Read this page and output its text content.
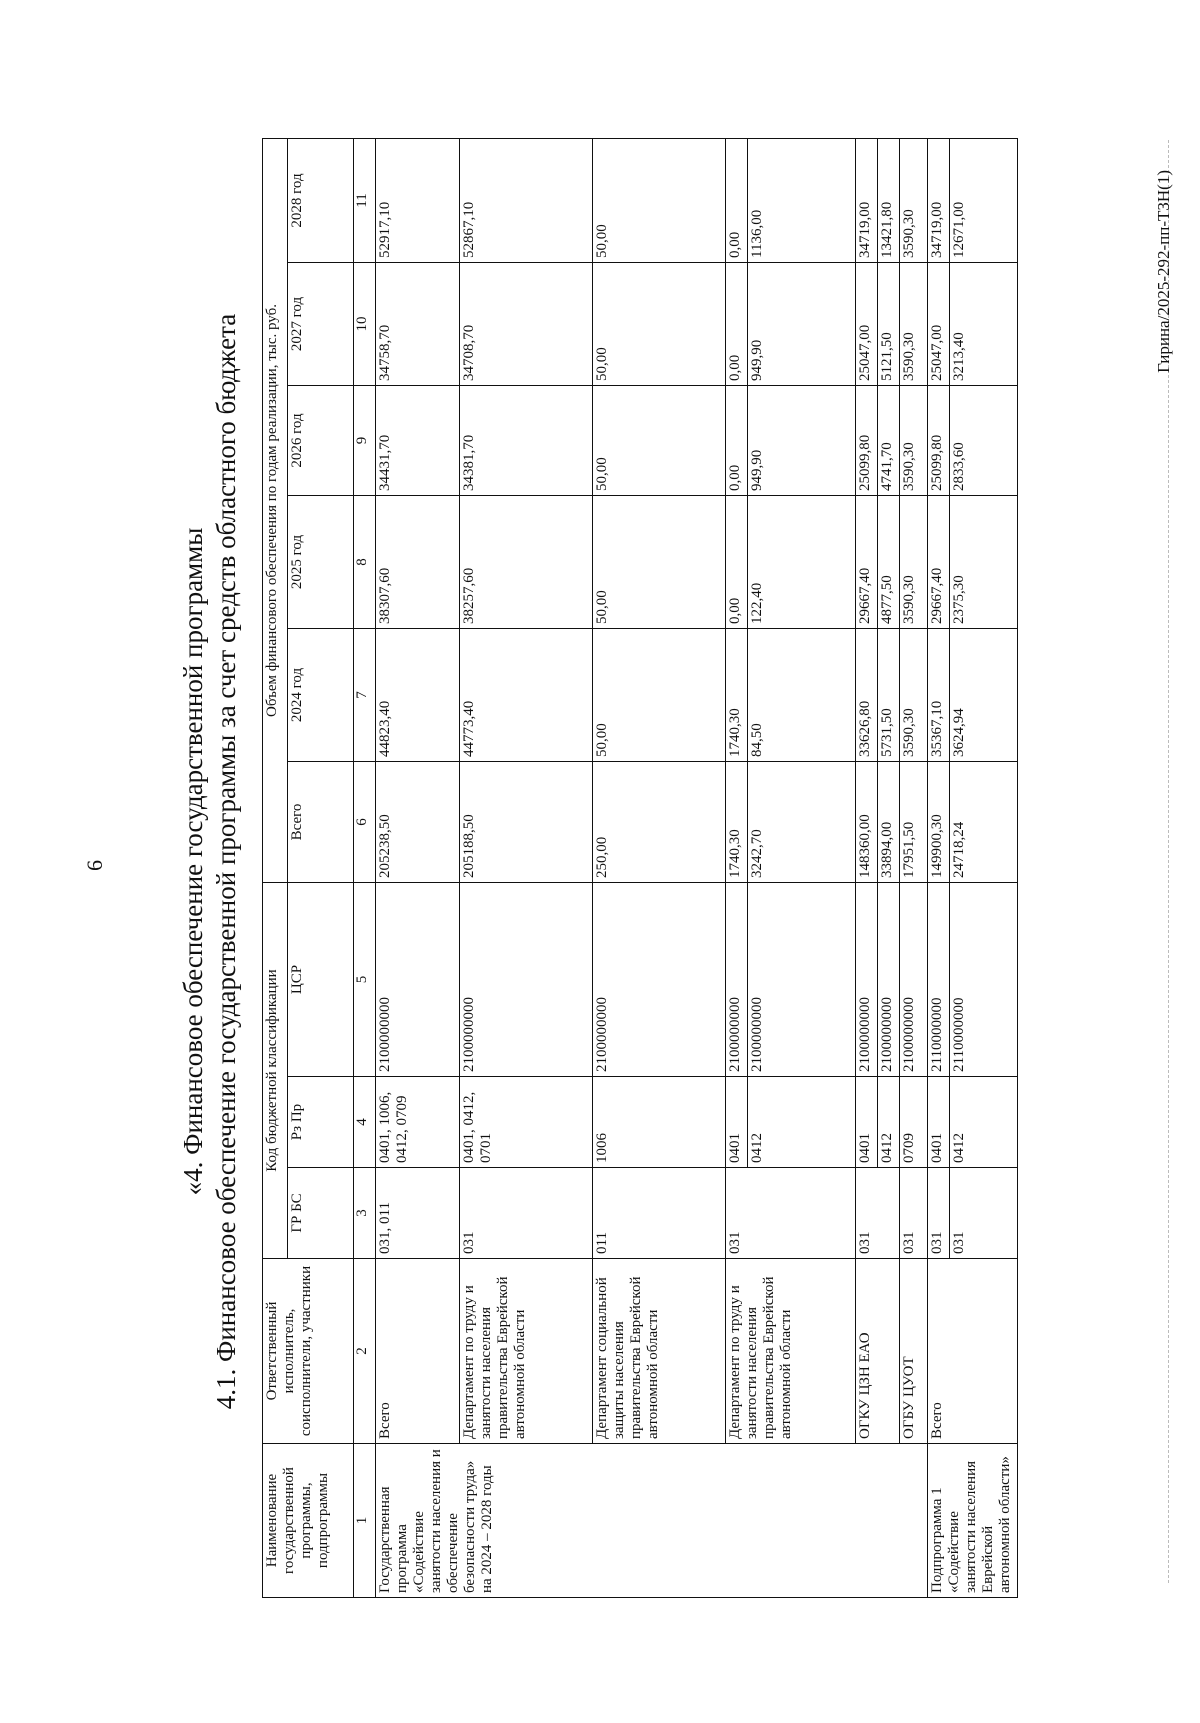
6	«4. Финансовое обеспечение государственной программы 4.1. Финансовое обеспечение государственной программы за счет средств областного бюджета
Наименование государственной программы, подпрограммы	Ответственный исполнитель, соисполнители, участники	Код бюджетной классификации			Объем финансового обеспечения по годам реализации, тыс. руб.					
		ГР БС	Рз Пр	ЦСР	Всего	2024 год	2025 год	2026 год	2027 год	2028 год
1	2	3	4	5	6	7	8	9	10	11
Государственная программа «Содействие занятости населения и обеспечение безопасности труда» на 2024 – 2028 годы	Всего	031, 011	0401, 1006, 0412, 0709	2100000000	205238,50	44823,40	38307,60	34431,70	34758,70	52917,10
	Департамент по труду и занятости населения правительства Еврейской автономной области	031	0401, 0412, 0701	2100000000	205188,50	44773,40	38257,60	34381,70	34708,70	52867,10
	Департамент социальной защиты населения правительства Еврейской автономной области	011	1006	2100000000	250,00	50,00	50,00	50,00	50,00	50,00
	Департамент по труду и занятости населения правительства Еврейской автономной области	031	0401	2100000000	1740,30	1740,30	0,00	0,00	0,00	0,00
			0412	2100000000	3242,70	84,50	122,40	949,90	949,90	1136,00
	ОГКУ ЦЗН ЕАО	031	0401	2100000000	148360,00	33626,80	29667,40	25099,80	25047,00	34719,00
			0412	2100000000	33894,00	5731,50	4877,50	4741,70	5121,50	13421,80
	ОГБУ ЦУОТ	031	0709	2100000000	17951,50	3590,30	3590,30	3590,30	3590,30	3590,30
Подпрограмма 1 «Содействие занятости населения Еврейской автономной области»	Всего	031	0401	2110000000	149900,30	35367,10	29667,40	25099,80	25047,00	34719,00
		031	0412	2110000000	24718,24	3624,94	2375,30	2833,60	3213,40	12671,00	Гирина/2025-292-пп-ТЗН(1)
